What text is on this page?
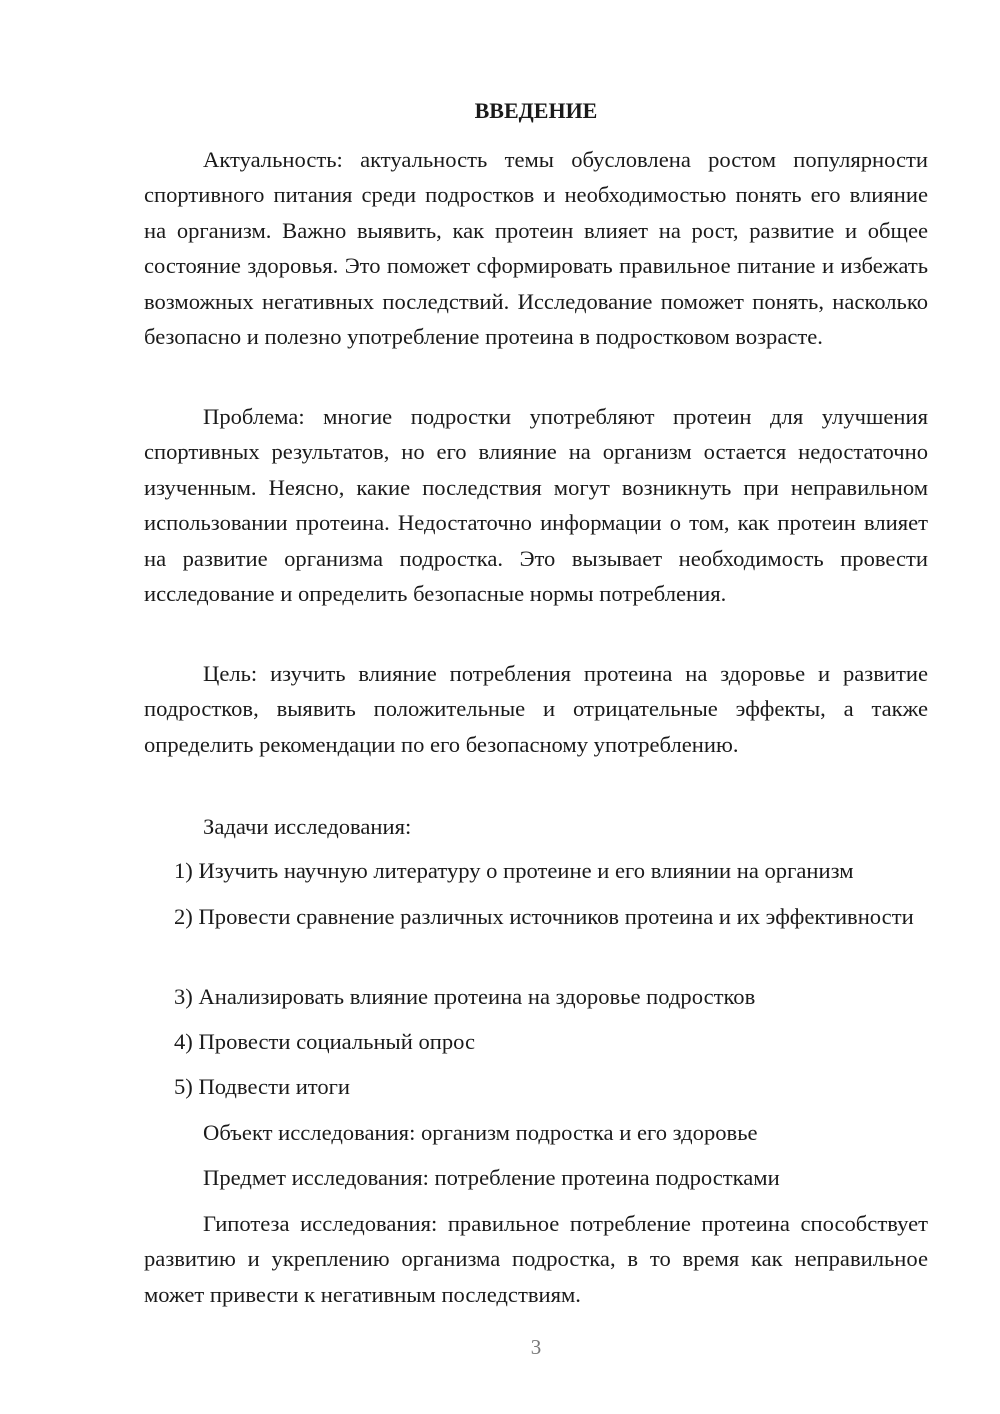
ВВЕДЕНИЕ

Актуальность: актуальность темы обусловлена ростом популярности спортивного питания среди подростков и необходимостью понять его влияние на организм. Важно выявить, как протеин влияет на рост, развитие и общее состояние здоровья. Это поможет сформировать правильное питание и избежать возможных негативных последствий. Исследование поможет понять, насколько безопасно и полезно употребление протеина в подростковом возрасте.

Проблема: многие подростки употребляют протеин для улучшения спортивных результатов, но его влияние на организм остается недостаточно изученным. Неясно, какие последствия могут возникнуть при неправильном использовании протеина. Недостаточно информации о том, как протеин влияет на развитие организма подростка. Это вызывает необходимость провести исследование и определить безопасные нормы потребления.

Цель: изучить влияние потребления протеина на здоровье и развитие подростков, выявить положительные и отрицательные эффекты, а также определить рекомендации по его безопасному употреблению.

Задачи исследования:

1) Изучить научную литературу о протеине и его влиянии на организм

2) Провести сравнение различных источников протеина и их эффективности

3) Анализировать влияние протеина на здоровье подростков

4) Провести социальный опрос

5) Подвести итоги

Объект исследования: организм подростка и его здоровье

Предмет исследования: потребление протеина подростками

Гипотеза исследования: правильное потребление протеина способствует развитию и укреплению организма подростка, в то время как неправильное может привести к негативным последствиям.

3
